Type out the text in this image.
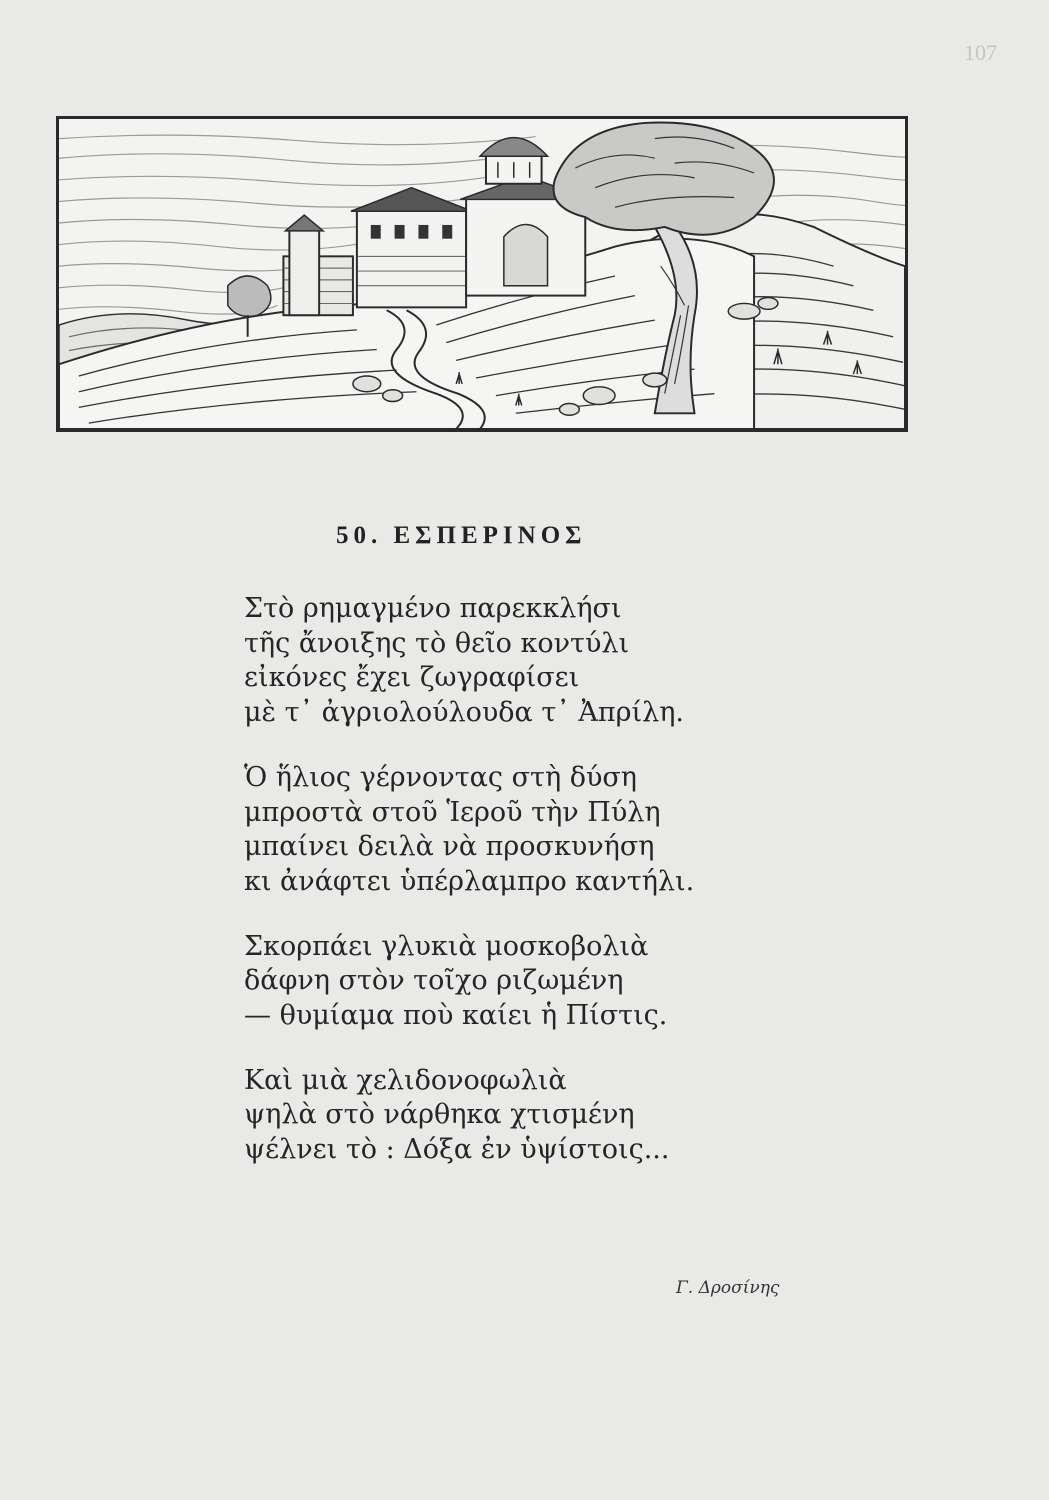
107
50. ΕΣΠΕΡΙΝΟΣ
Στὸ ρημαγμένο παρεκκλήσι
τῆς ἄνοιξης τὸ θεῖο κοντύλι
εἰκόνες ἔχει ζωγραφίσει
μὲ τ᾽ ἀγριολούλουδα τ᾽ Ἀπρίλη.
Ὁ ἥλιος γέρνοντας στὴ δύση
μπροστὰ στοῦ Ἱεροῦ τὴν Πύλη
μπαίνει δειλὰ νὰ προσκυνήση
κι ἀνάφτει ὑπέρλαμπρο καντήλι.
Σκορπάει γλυκιὰ μοσκοβολιὰ
δάφνη στὸν τοῖχο ριζωμένη
— θυμίαμα ποὺ καίει ἡ Πίστις.
Καὶ μιὰ χελιδονοφωλιὰ
ψηλὰ στὸ νάρθηκα χτισμένη
ψέλνει τὸ : Δόξα ἐν ὑψίστοις...
Γ. Δροσίνης
